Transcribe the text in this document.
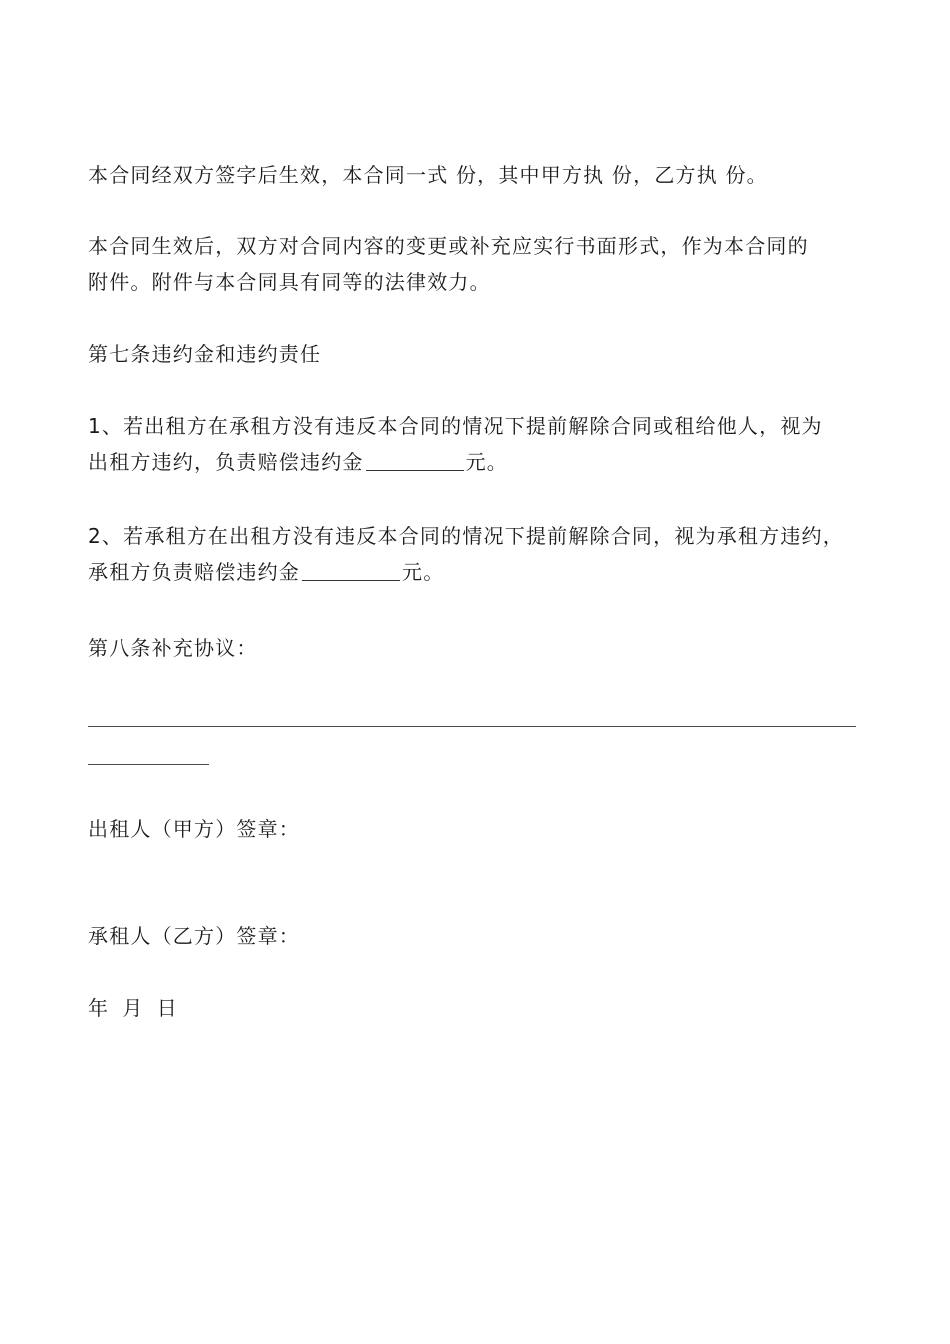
本合同经双方签字后生效，本合同一式 份，其中甲方执 份，乙方执 份。
本合同生效后，双方对合同内容的变更或补充应实行书面形式，作为本合同的
附件。附件与本合同具有同等的法律效力。
第七条违约金和违约责任
1、若出租方在承租方没有违反本合同的情况下提前解除合同或租给他人，视为
出租方违约，负责赔偿违约金	元。
2、若承租方在出租方没有违反本合同的情况下提前解除合同，视为承租方违约，
承租方负责赔偿违约金	元。
第八条补充协议：
出租人（甲方）签章：
承租人（乙方）签章：
年 月 日
